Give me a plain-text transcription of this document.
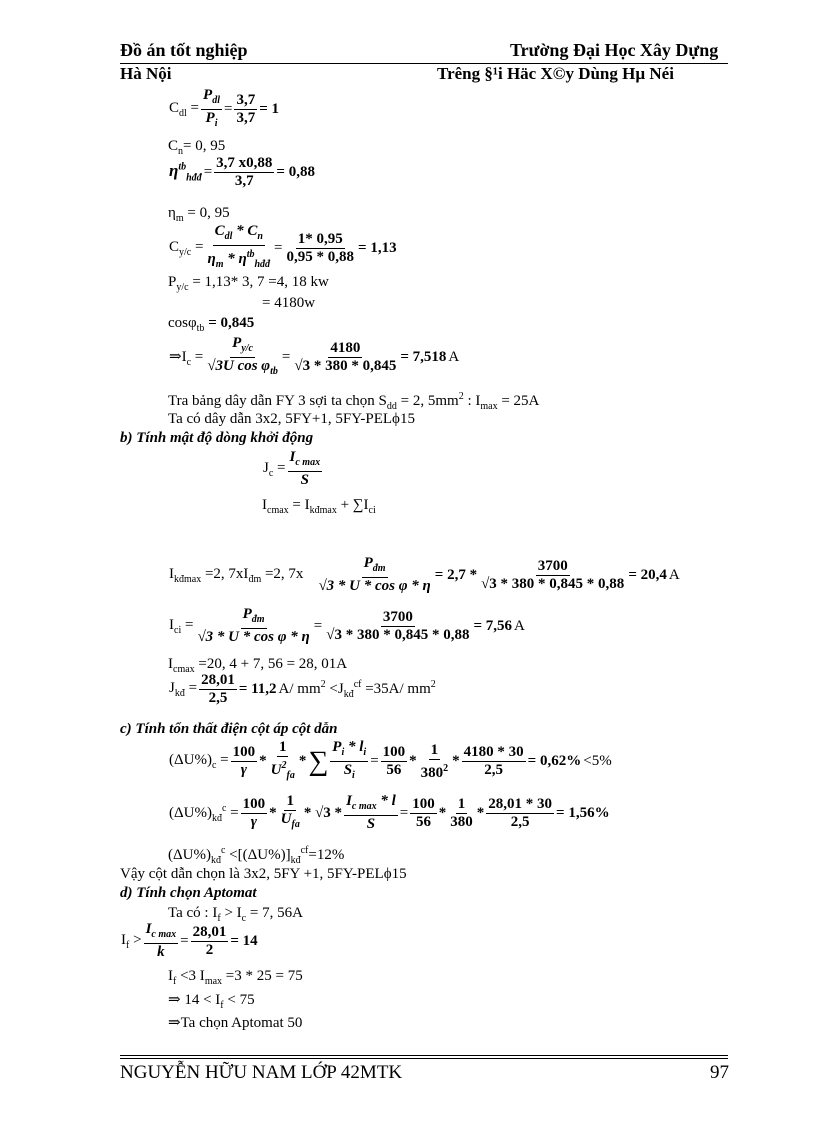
Đồ án tốt nghiệp	Trường Đại Học Xây Dựng
Hà Nội	Trêng §¹i Häc X©y Dùng Hµ Néi
$C_{dl} = \frac{P_{dl}}{P_i} = \frac{3,7}{3,7} = 1$
$C_n= 0$, 95
$\eta^{tb}_{hđđ} = \frac{3,7 x0,88}{3,7} = 0,88$
$\eta_m = 0$, 95
$C_{y/c} = \frac{C_{dl} * C_n}{\eta_m * \eta^{tb}_{hđđ}} = \frac{1* 0,95}{0,95 * 0,88} = 1,13$
$P_{y/c} = 1,13*$ 3, 7 =4, 18 kw
= 4180w
cosφ$_{tb}$ = 0,845
$\Rightarrow I_c = \frac{P_{y/c}}{√3U \cos \varphi_{tb}} = \frac{4180}{√3 * 380 * 0,845} = 7,518$ A
Tra bảng dây dẫn FY 3 sợi ta chọn $S_{dd} = 2$, $5mm^2$ : $I_{max} = 25A$
Ta có dây dẫn 3x2, 5FY+1, 5FY-PELϕ15
b) Tính mật độ dòng khởi động
$J_c = \frac{I_{c max}}{S}$
$I_{cmax} = I_{kđmax} + \sum I_{ci}$
$I_{kđmax} =2$, $7xI_{đm} =2$, $7x \frac{P_{đm}}{\text{√3 * U * cos φ * η}} = 2,7 * \frac{3700}{√3 * 380 * 0,845 * 0,88} = 20,4$ A
$I_{ci} = \frac{P_{đm}}{\text{√3 * U * cos φ * η}} = \frac{3700}{√3 * 380 * 0,845 * 0,88} = 7,56$ A
$I_{cmax} =20$, 4 + 7, 56 = 28, 01A
$J_{kđ} = \frac{28,01}{2,5} = 11,2$ A/ $mm^2 <J_{kđ}^{cf} =35A/$ $mm^2$
c) Tính tổn thất điện cột áp cột dẫn
$(\Delta U\%)_c = \frac{100}{\gamma} * \frac{1}{U^2_{fa}}$ * ∑ $\frac{P_i * l_i}{S_i} = \frac{100}{56} * \frac{1}{380^2} * \frac{4180 * 30}{2,5} = 0,62\% <5\%$
$(\Delta U\%)_{kđ}^c = \frac{100}{\gamma} * \frac{1}{U_{fa}} * √3 * \frac{I_{c max} * l}{S} = \frac{100}{56} * \frac{1}{380} * \frac{28,01 * 30}{2,5} = 1,56\%$
$(\Delta U\%)_{kđ}^c <[(\Delta U\%)]_{kđ}^{cf}=12\%$
Vậy cột dẫn chọn là 3x2, 5FY +1, 5FY-PELϕ15
d) Tính chọn Aptomat
Ta có : $I_f > I_c = 7$, 56A
$I_f > \frac{I_{c max}}{k} = \frac{28,01}{2} = 14$
$I_f <3$ $I_{max} =3 * 25 = 75$
⇒ $14 < I_f < 75$
⇒Ta chọn Aptomat 50
NGUYỄN HỮU NAM LỚP 42MTK	97
